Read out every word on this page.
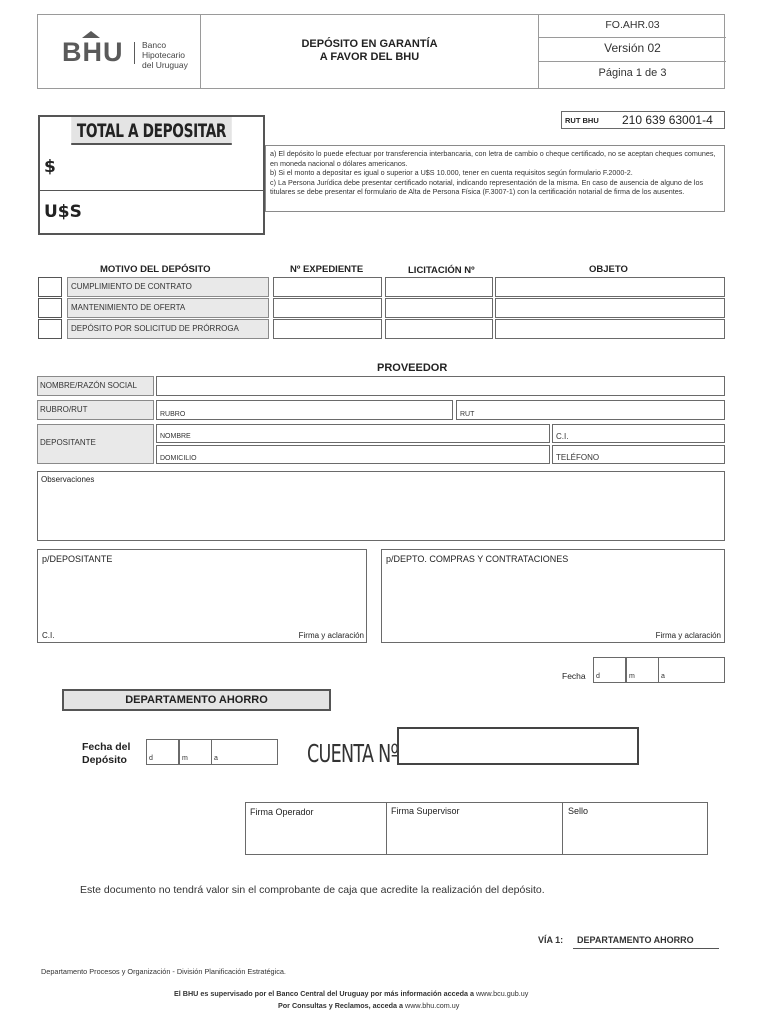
BHU Banco
Hipotecario
del Uruguay
DEPÓSITO EN GARANTÍA
A FAVOR DEL BHU
FO.AHR.03
Versión 02
Página 1 de 3
TOTAL A DEPOSITAR
$
U$S
RUT BHU 210 639 63001-4
a) El depósito lo puede efectuar por transferencia interbancaria, con letra de cambio o cheque certificado, no se aceptan cheques comunes, en moneda nacional o dólares americanos.
b) Si el monto a depositar es igual o superior a U$S 10.000, tener en cuenta requisitos según formulario F.2000-2.
c) La Persona Jurídica debe presentar certificado notarial, indicando representación de la misma. En caso de ausencia de alguno de los titulares se debe presentar el formulario de Alta de Persona Física (F.3007-1) con la certificación notarial de firma de los ausentes.
MOTIVO DEL DEPÓSITO	Nº EXPEDIENTE	LICITACIÓN Nº	OBJETO
CUMPLIMIENTO DE CONTRATO
MANTENIMIENTO DE OFERTA
DEPÓSITO POR SOLICITUD DE PRÓRROGA
PROVEEDOR
NOMBRE/RAZÓN SOCIAL
RUBRO/RUT
RUBRO	RUT
DEPOSITANTE
NOMBRE	C.I.
DOMICILIO	TELÉFONO
Observaciones
p/DEPOSITANTE
C.I.	Firma y aclaración
p/DEPTO. COMPRAS Y CONTRATACIONES
Firma y aclaración
Fecha d	m	a
DEPARTAMENTO AHORRO
Fecha del Depósito	d	m	a	CUENTA Nº
Firma Operador	Firma Supervisor	Sello
Este documento no tendrá valor sin el comprobante de caja que acredite la realización del depósito.
VÍA 1: DEPARTAMENTO AHORRO
Departamento Procesos y Organización - División Planificación Estratégica.
El BHU es supervisado por el Banco Central del Uruguay por más información acceda a www.bcu.gub.uy
Por Consultas y Reclamos, acceda a www.bhu.com.uy
